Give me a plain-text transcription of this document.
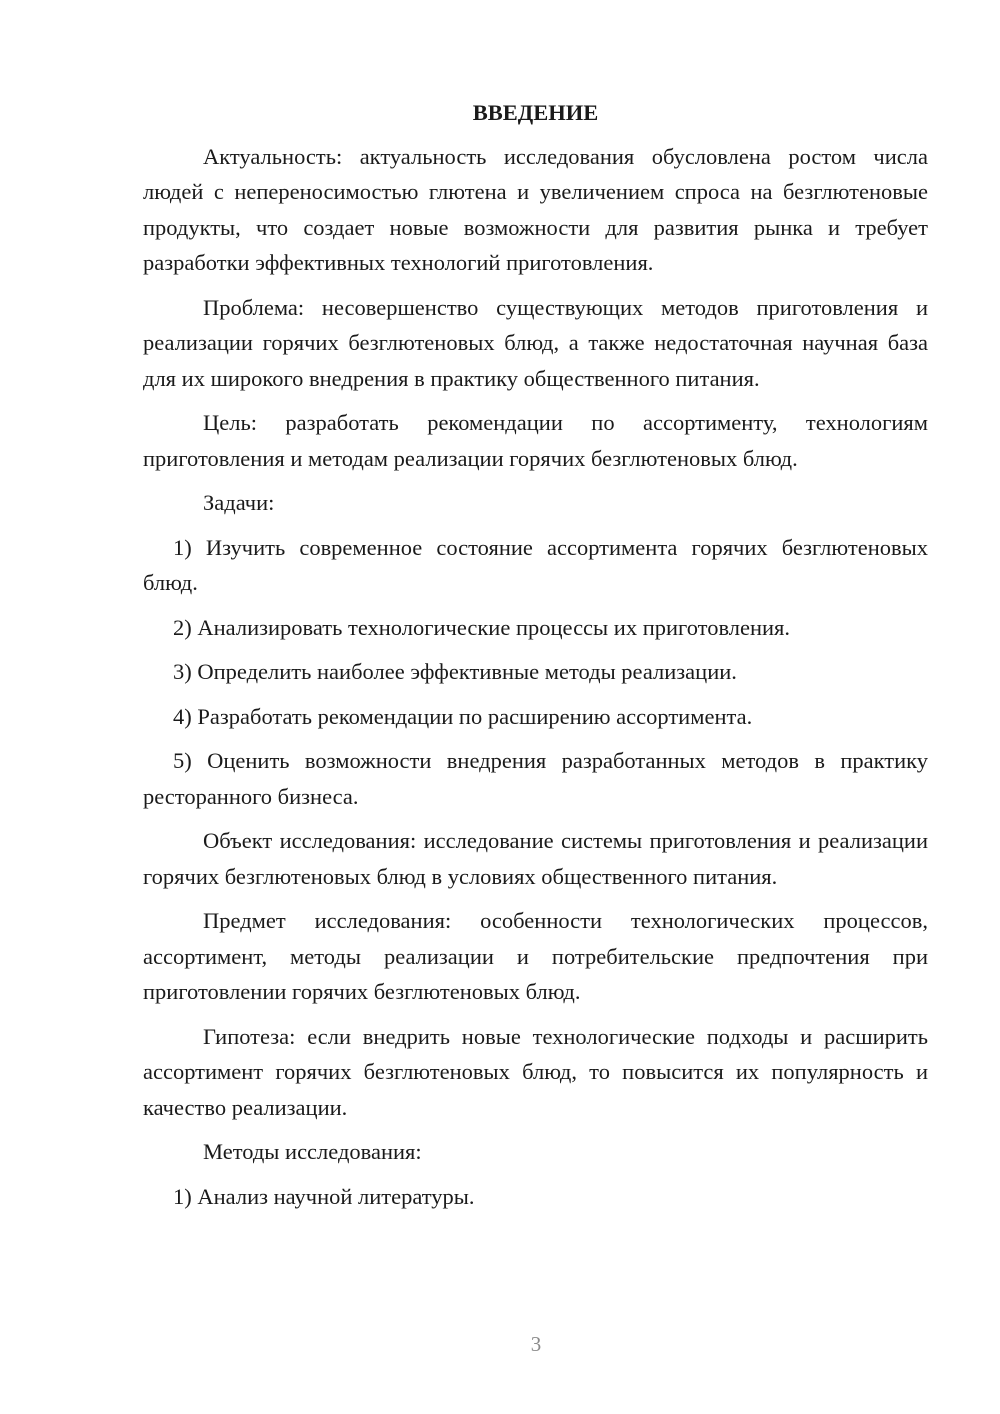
ВВЕДЕНИЕ

Актуальность: актуальность исследования обусловлена ростом числа людей с непереносимостью глютена и увеличением спроса на безглютеновые продукты, что создает новые возможности для развития рынка и требует разработки эффективных технологий приготовления.

Проблема: несовершенство существующих методов приготовления и реализации горячих безглютеновых блюд, а также недостаточная научная база для их широкого внедрения в практику общественного питания.

Цель: разработать рекомендации по ассортименту, технологиям приготовления и методам реализации горячих безглютеновых блюд.

Задачи:

1) Изучить современное состояние ассортимента горячих безглютеновых блюд.

2) Анализировать технологические процессы их приготовления.

3) Определить наиболее эффективные методы реализации.

4) Разработать рекомендации по расширению ассортимента.

5) Оценить возможности внедрения разработанных методов в практику ресторанного бизнеса.

Объект исследования: исследование системы приготовления и реализации горячих безглютеновых блюд в условиях общественного питания.

Предмет исследования: особенности технологических процессов, ассортимент, методы реализации и потребительские предпочтения при приготовлении горячих безглютеновых блюд.

Гипотеза: если внедрить новые технологические подходы и расширить ассортимент горячих безглютеновых блюд, то повысится их популярность и качество реализации.

Методы исследования:

1) Анализ научной литературы.

3
